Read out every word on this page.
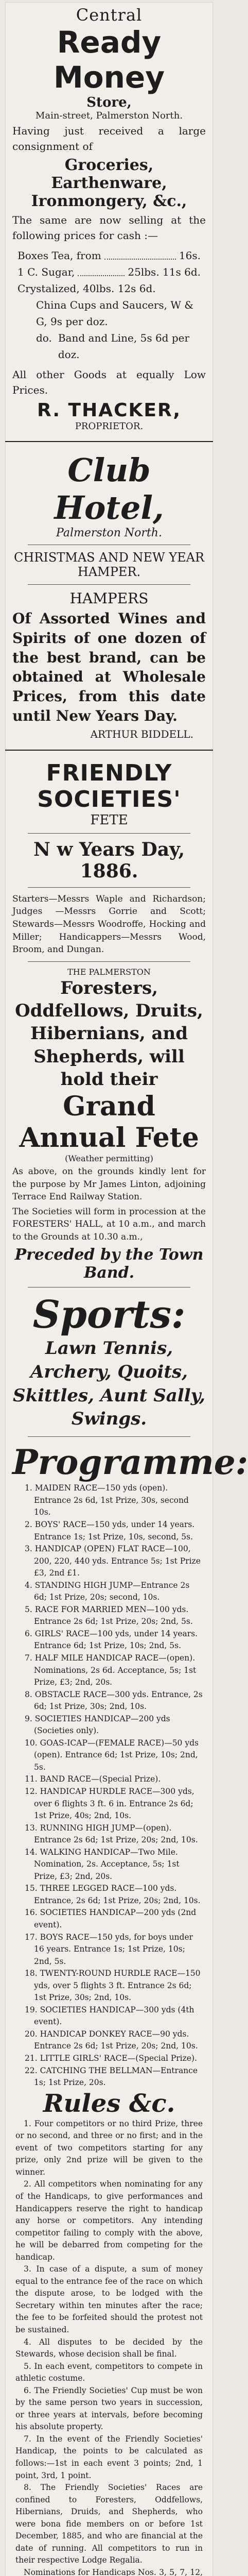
Central
Ready Money
Store,
Main-street, Palmerston North.

Having just received a large consignment of

Groceries,
Earthenware,
Ironmongery, &c.,

The same are now selling at the following prices for cash :—

Boxes Tea, from	16s.
1 C. Sugar,	25lbs. 11s 6d.
Crystalized, 40lbs. 12s 6d.
China Cups and Saucers, W & G, 9s per doz.
do. Band and Line, 5s 6d per doz.

All other Goods at equally Low Prices.

R. THACKER,
PROPRIETOR.
Club Hotel,
Palmerston North.
CHRISTMAS AND NEW YEAR HAMPER.
HAMPERS

Of Assorted Wines and Spirits of one dozen of the best brand, can be obtained at Wholesale Prices, from this date until New Years Day.

ARTHUR BIDDELL.
FRIENDLY SOCIETIES'
FETE
N w Years Day, 1886.

Starters—Messrs Waple and Richardson; Judges —Messrs Gorrie and Scott; Stewards—Messrs Woodroffe, Hocking and Miller; Handicappers—Messrs Wood, Broom, and Dungan.

THE PALMERSTON
Foresters, Oddfellows, Druits, Hibernians, and Shepherds, will hold their
Grand Annual Fete
(Weather permitting)

As above, on the grounds kindly lent for the purpose by Mr James Linton, adjoining Terrace End Railway Station.

The Societies will form in procession at the FORESTERS' HALL, at 10 a.m., and march to the Grounds at 10.30 a.m.,

Preceded by the Town Band.
Sports:
Lawn Tennis, Archery, Quoits, Skittles, Aunt Sally, Swings.
Programme:
1. MAIDEN RACE—150 yds (open). Entrance 2s 6d, 1st Prize, 30s, second 10s.
2. BOYS' RACE—150 yds, under 14 years. Entrance 1s; 1st Prize, 10s, second, 5s.
3. HANDICAP (OPEN) FLAT RACE—100, 200, 220, 440 yds. Entrance 5s; 1st Prize £3, 2nd £1.
4. STANDING HIGH JUMP—Entrance 2s 6d; 1st Prize, 20s; second, 10s.
5. RACE FOR MARRIED MEN—100 yds. Entrance 2s 6d; 1st Prize, 20s; 2nd, 5s.
6. GIRLS' RACE—100 yds, under 14 years. Entrance 6d; 1st Prize, 10s; 2nd, 5s.
7. HALF MILE HANDICAP RACE—(open). Nominations, 2s 6d. Acceptance, 5s; 1st Prize, £3; 2nd, 20s.
8. OBSTACLE RACE—300 yds. Entrance, 2s 6d; 1st Prize, 30s; 2nd, 10s.
9. SOCIETIES HANDICAP—200 yds (Societies only).
10. GOAS-ICAP—(FEMALE RACE)—50 yds (open). Entrance 6d; 1st Prize, 10s; 2nd, 5s.
11. BAND RACE—(Special Prize).
12. HANDICAP HURDLE RACE—300 yds, over 6 flights 3 ft. 6 in. Entrance 2s 6d; 1st Prize, 40s; 2nd, 10s.
13. RUNNING HIGH JUMP—(open). Entrance 2s 6d; 1st Prize, 20s; 2nd, 10s.
14. WALKING HANDICAP—Two Mile. Nomination, 2s. Acceptance, 5s; 1st Prize, £3; 2nd, 20s.
15. THREE LEGGED RACE—100 yds. Entrance, 2s 6d; 1st Prize, 20s; 2nd, 10s.
16. SOCIETIES HANDICAP—200 yds (2nd event).
17. BOYS RACE—150 yds, for boys under 16 years. Entrance 1s; 1st Prize, 10s; 2nd, 5s.
18. TWENTY-ROUND HURDLE RACE—150 yds, over 5 flights 3 ft. Entrance 2s 6d; 1st Prize, 30s; 2nd, 10s.
19. SOCIETIES HANDICAP—300 yds (4th event).
20. HANDICAP DONKEY RACE—90 yds. Entrance 2s 6d; 1st Prize, 20s; 2nd, 10s.
21. LITTLE GIRLS' RACE—(Special Prize).
22. CATCHING THE BELLMAN—Entrance 1s; 1st Prize, 20s.
Rules &c.
1. Four competitors or no third Prize, three or no second, and three or no first; and in the event of two competitors starting for any prize, only 2nd prize will be given to the winner.
2. All competitors when nominating for any of the Handicaps, to give performances and Handicappers reserve the right to handicap any horse or competitors. Any intending competitor failing to comply with the above, he will be debarred from competing for the handicap.
3. In case of a dispute, a sum of money equal to the entrance fee of the race on which the dispute arose, to be lodged with the Secretary within ten minutes after the race; the fee to be forfeited should the protest not be sustained.
4. All disputes to be decided by the Stewards, whose decision shall be final.
5. In each event, competitors to compete in athletic costume.
6. The Friendly Societies' Cup must be won by the same person two years in succession, or three years at intervals, before becoming his absolute property.
7. In the event of the Friendly Societies' Handicap, the points to be calculated as follows:—1st in each event 3 points; 2nd, 1 point, 3rd, 1 point.
8. The Friendly Societies' Races are confined to Foresters, Oddfellows, Hibernians, Druids, and Shepherds, who were bona fide members on or before 1st December, 1885, and who are financial at the date of running. All competitors to run in their respective Lodge Regalia.
Nominations for Handicaps Nos. 3, 5, 7, 12,
